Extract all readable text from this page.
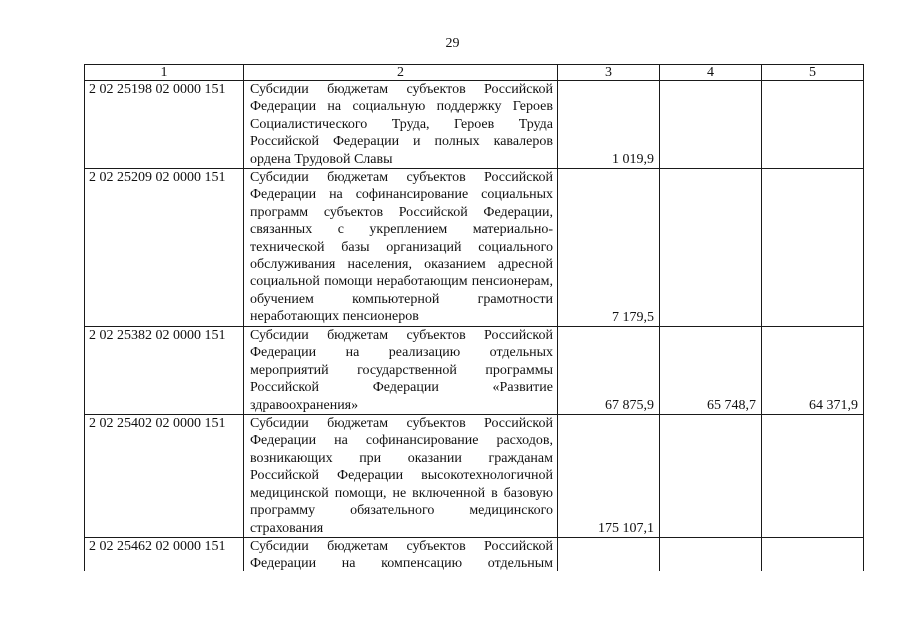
29
1	2	3	4	5
2 02 25198 02 0000 151	Субсидии бюджетам субъектов Российской Федерации на социальную поддержку Героев Социалистического Труда, Героев Труда Российской Федерации и полных кавалеров ордена Трудовой Славы	1 019,9		
2 02 25209 02 0000 151	Субсидии бюджетам субъектов Российской Федерации на софинансирование социальных программ субъектов Российской Федерации, связанных с укреплением материально-технической базы организаций социального обслуживания населения, оказанием адресной социальной помощи неработающим пенсионерам, обучением компьютерной грамотности неработающих пенсионеров	7 179,5		
2 02 25382 02 0000 151	Субсидии бюджетам субъектов Российской Федерации на реализацию отдельных мероприятий государственной программы Российской Федерации «Развитие здравоохранения»	67 875,9	65 748,7	64 371,9
2 02 25402 02 0000 151	Субсидии бюджетам субъектов Российской Федерации на софинансирование расходов, возникающих при оказании гражданам Российской Федерации высокотехнологичной медицинской помощи, не включенной в базовую программу обязательного медицинского страхования	175 107,1		
2 02 25462 02 0000 151	Субсидии бюджетам субъектов Российской Федерации на компенсацию отдельным			
